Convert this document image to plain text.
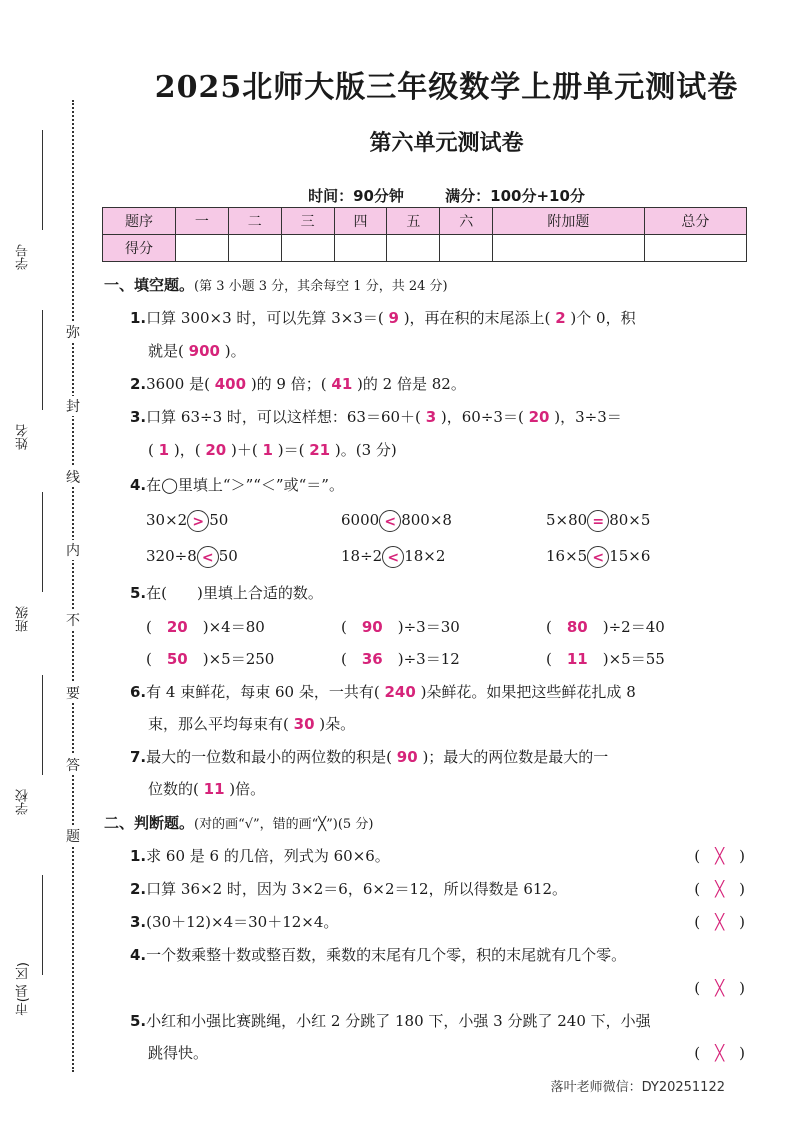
学号
姓名
班级
学校
市(县 区)
弥
封
线
内
不
要
答
题
2025北师大版三年级数学上册单元测试卷
第六单元测试卷
时间：90分钟	满分：100分+10分
题序	一	二	三	四	五	六	附加题	总分
得分								
一、填空题。(第 3 小题 3 分，其余每空 1 分，共 24 分)
1.口算 300×3 时，可以先算 3×3＝( 9 )，再在积的末尾添上( 2 )个 0，积
就是( 900 )。
2.3600 是( 400 )的 9 倍；( 41 )的 2 倍是 82。
3.口算 63÷3 时，可以这样想：63＝60＋( 3 )，60÷3＝( 20 )，3÷3＝
( 1 )，( 20 )＋( 1 )＝( 21 )。(3 分)
4.在◯里填上“＞”“＜”或“＝”。
30×2 > 50	6000 < 800×8	5×80 = 80×5
320÷8 < 50	18÷2 < 18×2	16×5 < 15×6
5.在(　　)里填上合适的数。
(　20　 )×4＝80	(　90　 )÷3＝30	(　80　 )÷2＝40
(　50　 )×5＝250	(　36　 )÷3＝12	(　11　 )×5＝55
6.有 4 束鲜花，每束 60 朵，一共有( 240 )朵鲜花。如果把这些鲜花扎成 8
束，那么平均每束有( 30 )朵。
7.最大的一位数和最小的两位数的积是( 90 )；最大的两位数是最大的一
位数的( 11 )倍。
二、判断题。(对的画“√”，错的画“╳”)(5 分)
1.求 60 是 6 的几倍，列式为 60×6。	(　╳　)
2.口算 36×2 时，因为 3×2＝6，6×2＝12，所以得数是 612。	(　╳　)
3.(30＋12)×4＝30＋12×4。	(　╳　)
4.一个数乘整十数或整百数，乘数的末尾有几个零，积的末尾就有几个零。
(　╳　)
5.小红和小强比赛跳绳，小红 2 分跳了 180 下，小强 3 分跳了 240 下，小强
跳得快。	(　╳　)
落叶老师微信：DY20251122
